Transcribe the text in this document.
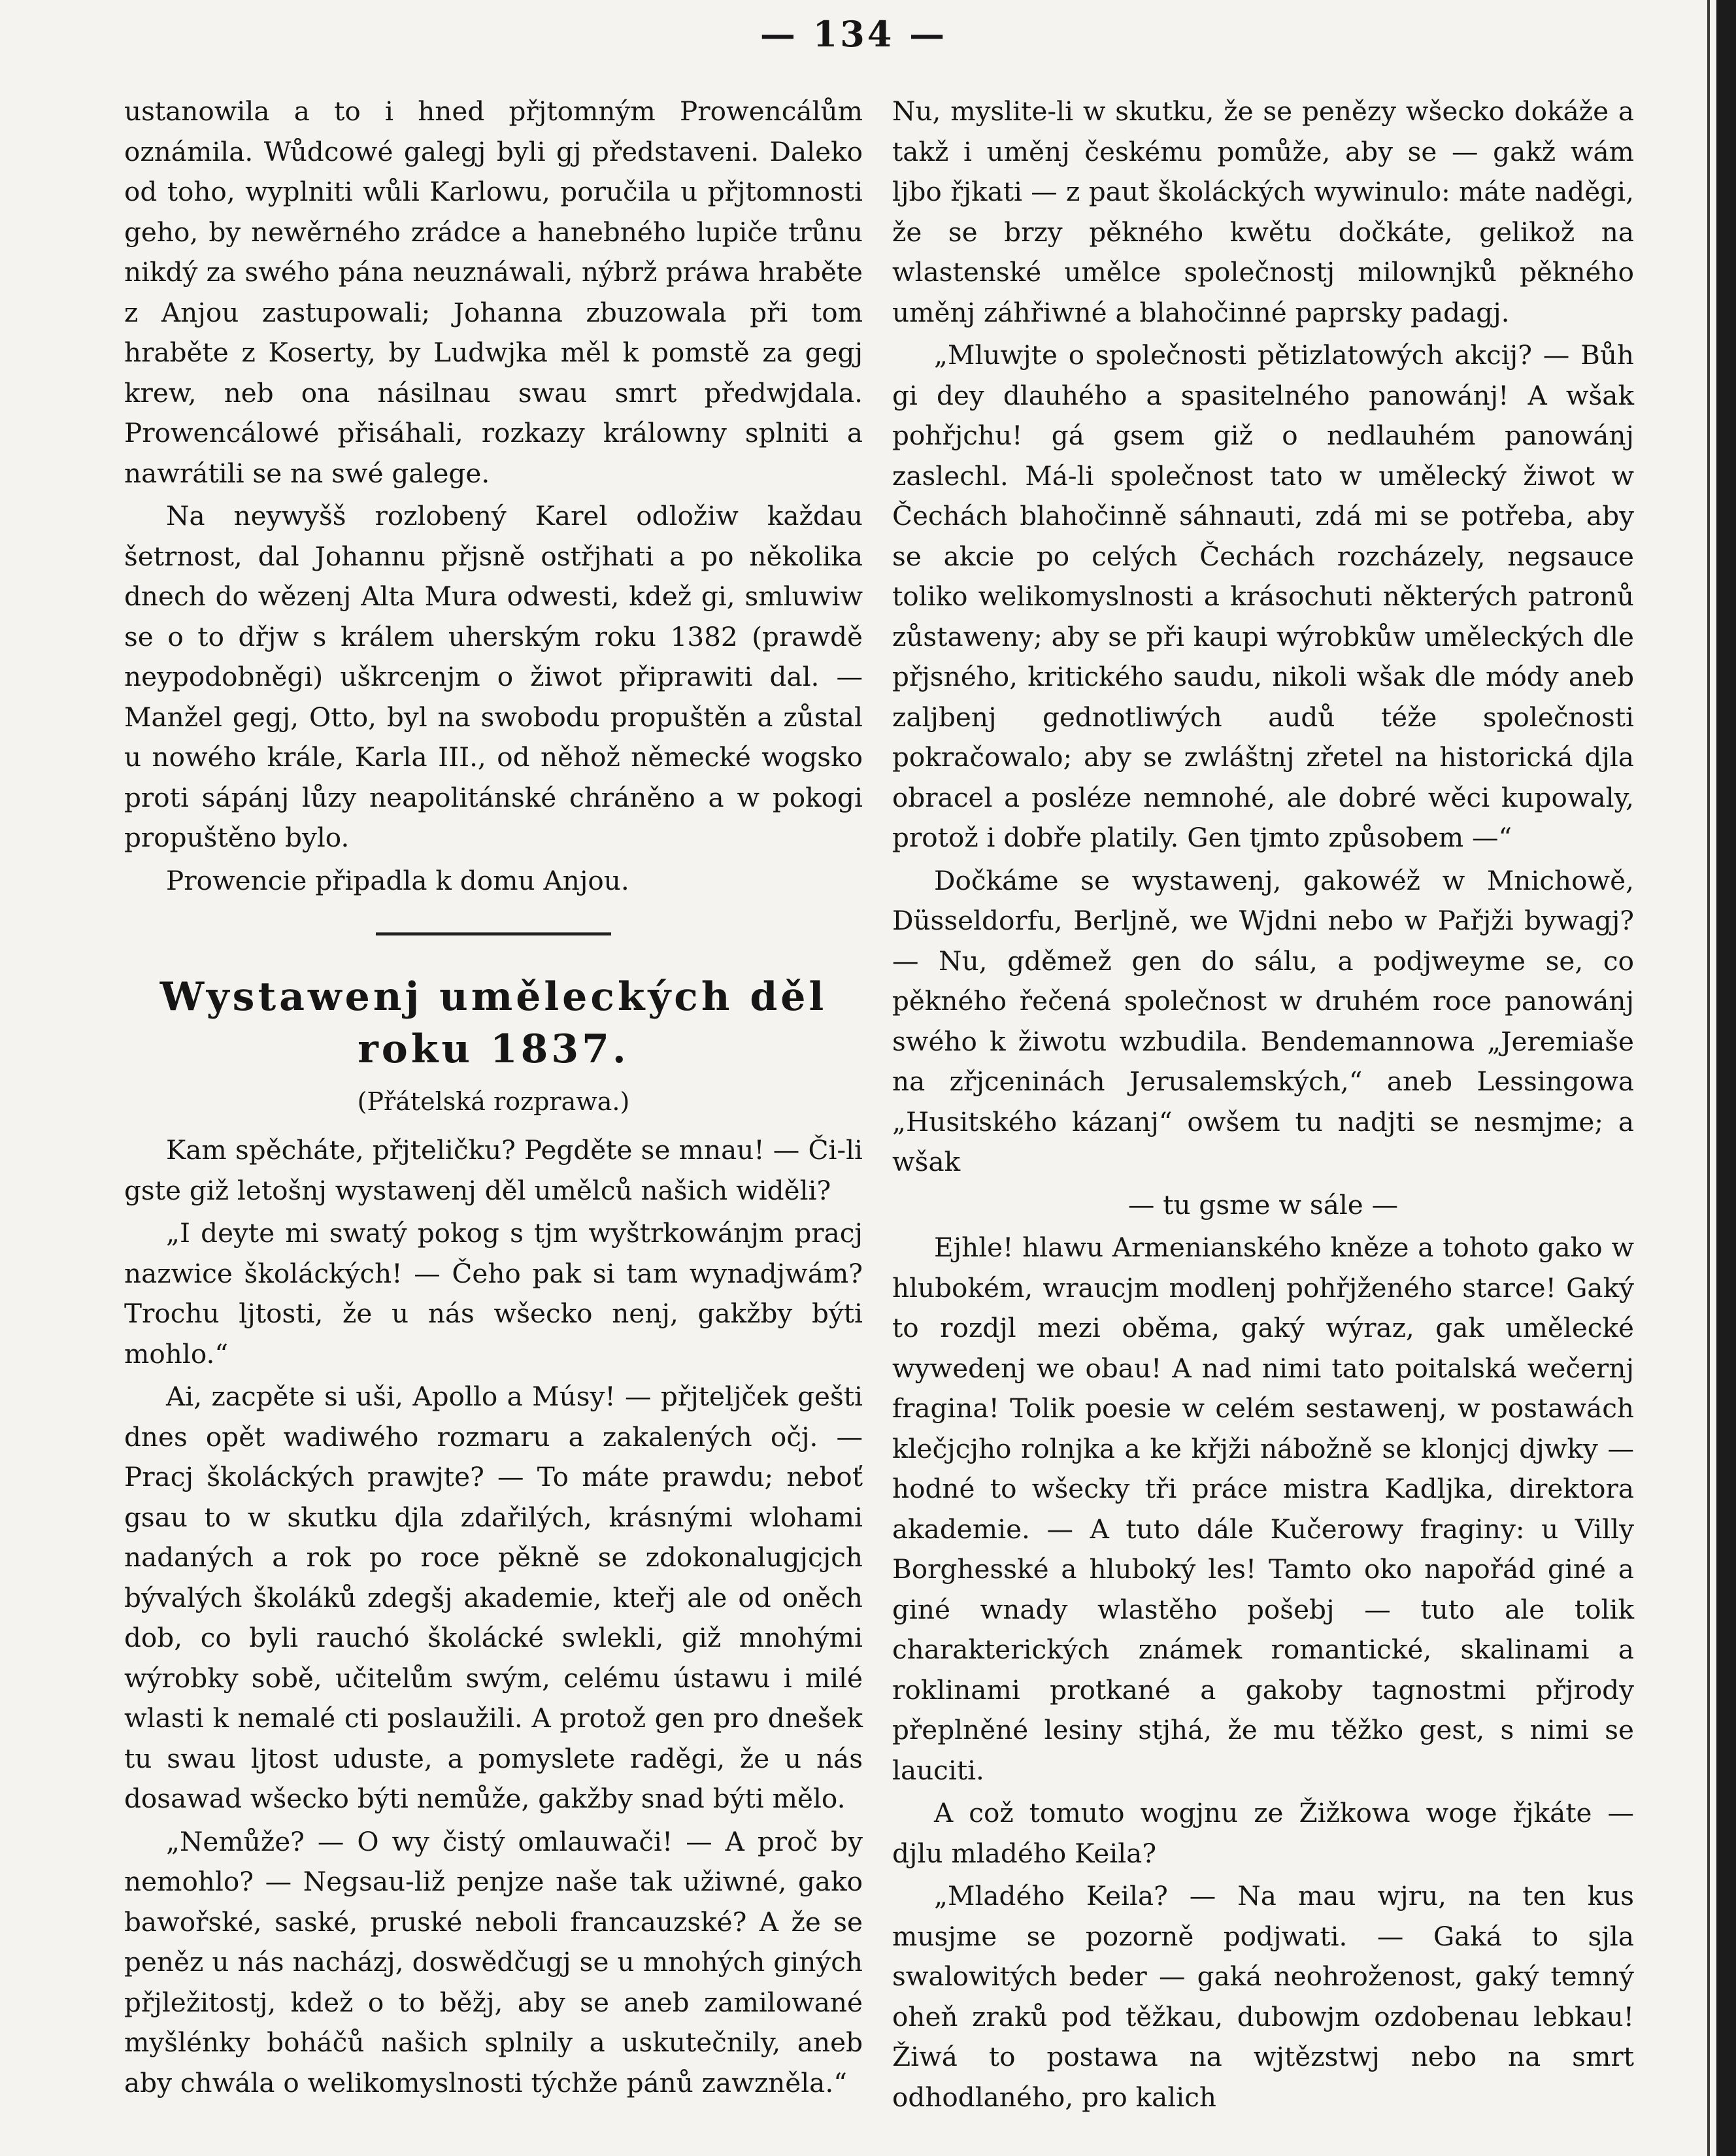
— 134 —

ustanowila a to i hned přjtomným Prowencálům oznámila. Wůdcowé galegj byli gj představeni. Daleko od toho, wyplniti wůli Karlowu, poručila u přjtomnosti geho, by newěrného zrádce a hanebného lupiče trůnu nikdý za swého pána neuznáwali, nýbrž práwa hraběte z Anjou zastupowali; Johanna zbuzowala při tom hraběte z Koserty, by Ludwjka měl k pomstě za gegj krew, neb ona násilnau swau smrt předwjdala. Prowencálowé přisáhali, rozkazy králowny splniti a nawrátili se na swé galege.

Na neywyšš rozlobený Karel odložiw každau šetrnost, dal Johannu přjsně ostřjhati a po několika dnech do wězenj Alta Mura odwesti, kdež gi, smluwiw se o to dřjw s králem uherským roku 1382 (prawdě neypodobněgi) uškrcenjm o žiwot připrawiti dal. — Manžel gegj, Otto, byl na swobodu propuštěn a zůstal u nowého krále, Karla III., od něhož německé wogsko proti sápánj lůzy neapolitánské chráněno a w pokogi propuštěno bylo.

Prowencie připadla k domu Anjou.

Wystawenj uměleckých děl roku 1837.
(Přátelská rozprawa.)

Kam spěcháte, přjteličku? Pegděte se mnau! — Či-li gste giž letošnj wystawenj děl umělců našich widěli?

„I deyte mi swatý pokog s tjm wyštrkowánjm pracj nazwice školáckých! — Čeho pak si tam wynadjwám? Trochu ljtosti, že u nás wšecko nenj, gakžby býti mohlo.“

Ai, zacpěte si uši, Apollo a Músy! — přjteljček gešti dnes opět wadiwého rozmaru a zakalených očj. — Pracj školáckých prawjte? — To máte prawdu; neboť gsau to w skutku djla zdařilých, krásnými wlohami nadaných a rok po roce pěkně se zdokonalugjcjch bývalých školáků zdegšj akademie, kteřj ale od oněch dob, co byli rauchó školácké swlekli, giž mnohými wýrobky sobě, učitelům swým, celému ústawu i milé wlasti k nemalé cti poslaužili. A protož gen pro dnešek tu swau ljtost uduste, a pomyslete raděgi, že u nás dosawad wšecko býti nemůže, gakžby snad býti mělo.

„Nemůže? — O wy čistý omlauwači! — A proč by nemohlo? — Negsau-liž penjze naše tak užiwné, gako bawořské, saské, pruské neboli francauzské? A že se peněz u nás nacházj, doswědčugj se u mnohých giných přjležitostj, kdež o to běžj, aby se aneb zamilowané myšlénky boháčů našich splnily a uskutečnily, aneb aby chwála o welikomyslnosti týchže pánů zawzněla.“

Nu, myslite-li w skutku, že se penězy wšecko dokáže a takž i uměnj českému pomůže, aby se — gakž wám ljbo řjkati — z paut školáckých wywinulo: máte naděgi, že se brzy pěkného kwětu dočkáte, gelikož na wlastenské umělce společnostj milownjků pěkného uměnj záhřiwné a blahočinné paprsky padagj.

„Mluwjte o společnosti pětizlatowých akcij? — Bůh gi dey dlauhého a spasitelného panowánj! A wšak pohřjchu! gá gsem giž o nedlauhém panowánj zaslechl. Má-li společnost tato w umělecký žiwot w Čechách blahočinně sáhnauti, zdá mi se potřeba, aby se akcie po celých Čechách rozcházely, negsauce toliko welikomyslnosti a krásochuti některých patronů zůstaweny; aby se při kaupi wýrobkůw uměleckých dle přjsného, kritického saudu, nikoli wšak dle módy aneb zaljbenj gednotliwých audů téže společnosti pokračowalo; aby se zwláštnj zřetel na historická djla obracel a posléze nemnohé, ale dobré wěci kupowaly, protož i dobře platily. Gen tjmto způsobem —“

Dočkáme se wystawenj, gakowéž w Mnichowě, Düsseldorfu, Berljně, we Wjdni nebo w Pařjži bywagj? — Nu, gděmež gen do sálu, a podjweyme se, co pěkného řečená společnost w druhém roce panowánj swého k žiwotu wzbudila. Bendemannowa „Jeremiaše na zřjceninách Jerusalemských,“ aneb Lessingowa „Husitského kázanj“ owšem tu nadjti se nesmjme; a wšak

— tu gsme w sále —

Ejhle! hlawu Armenianského kněze a tohoto gako w hlubokém, wraucjm modlenj pohřjženého starce! Gaký to rozdjl mezi oběma, gaký wýraz, gak umělecké wywedenj we obau! A nad nimi tato poitalská wečernj fragina! Tolik poesie w celém sestawenj, w postawách klečjcjho rolnjka a ke křjži nábožně se klonjcj djwky — hodné to wšecky tři práce mistra Kadljka, direktora akademie. — A tuto dále Kučerowy fraginy: u Villy Borghesské a hluboký les! Tamto oko napořád giné a giné wnady wlastěho pošebj — tuto ale tolik charakterických známek romantické, skalinami a roklinami protkané a gakoby tagnostmi přjrody přeplněné lesiny stjhá, že mu těžko gest, s nimi se lauciti.

A což tomuto wogjnu ze Žižkowa woge řjkáte — djlu mladého Keila?

„Mladého Keila? — Na mau wjru, na ten kus musjme se pozorně podjwati. — Gaká to sjla swalowitých beder — gaká neohroženost, gaký temný oheň zraků pod těžkau, dubowjm ozdobenau lebkau! Žiwá to postawa na wjtězstwj nebo na smrt odhodlaného, pro kalich
